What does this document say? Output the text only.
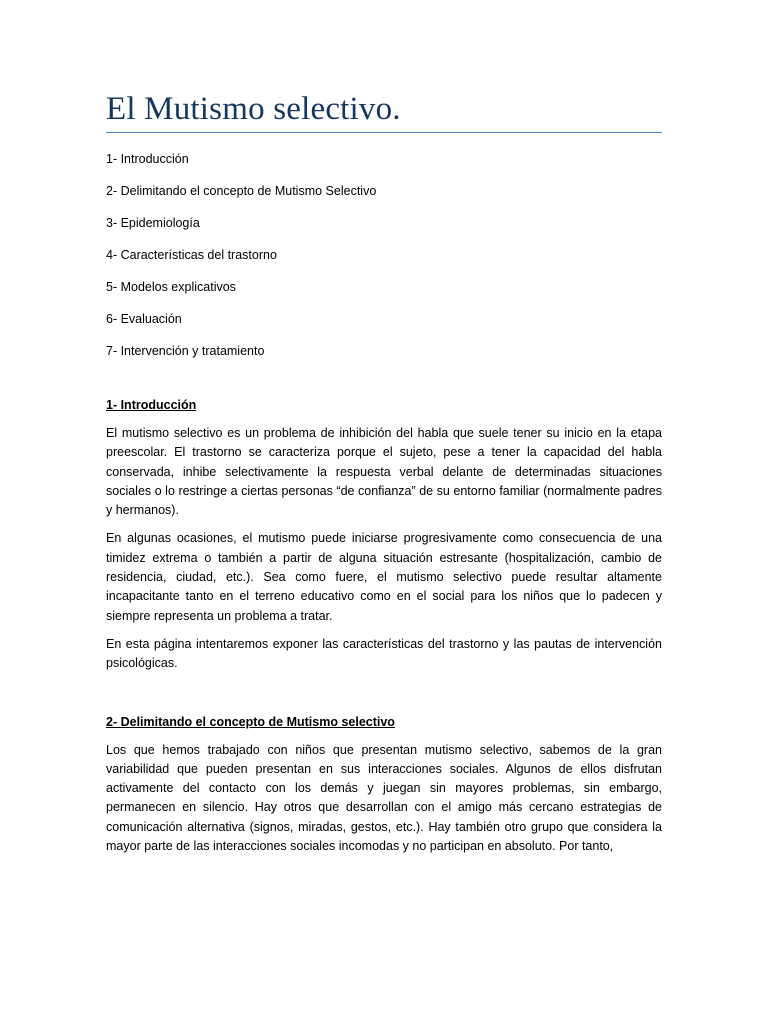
El Mutismo selectivo.
1- Introducción
2- Delimitando el concepto de Mutismo Selectivo
3- Epidemiología
4- Características del trastorno
5- Modelos explicativos
6- Evaluación
7- Intervención y tratamiento
1- Introducción

El mutismo selectivo es un problema de inhibición del habla que suele tener su inicio en la etapa preescolar. El trastorno se caracteriza porque el sujeto, pese a tener la capacidad del habla conservada, inhibe selectivamente la respuesta verbal delante de determinadas situaciones sociales o lo restringe a ciertas personas “de confianza” de su entorno familiar (normalmente padres y hermanos).

En algunas ocasiones, el mutismo puede iniciarse progresivamente como consecuencia de una timidez extrema o también a partir de alguna situación estresante (hospitalización, cambio de residencia, ciudad, etc.). Sea como fuere, el mutismo selectivo puede resultar altamente incapacitante tanto en el terreno educativo como en el social para los niños que lo padecen y siempre representa un problema a tratar.

En esta página intentaremos exponer las características del trastorno y las pautas de intervención psicológicas.

2- Delimitando el concepto de Mutismo selectivo

Los que hemos trabajado con niños que presentan mutismo selectivo, sabemos de la gran variabilidad que pueden presentan en sus interacciones sociales. Algunos de ellos disfrutan activamente del contacto con los demás y juegan sin mayores problemas, sin embargo, permanecen en silencio. Hay otros que desarrollan con el amigo más cercano estrategias de comunicación alternativa (signos, miradas, gestos, etc.). Hay también otro grupo que considera la mayor parte de las interacciones sociales incomodas y no participan en absoluto. Por tanto,
